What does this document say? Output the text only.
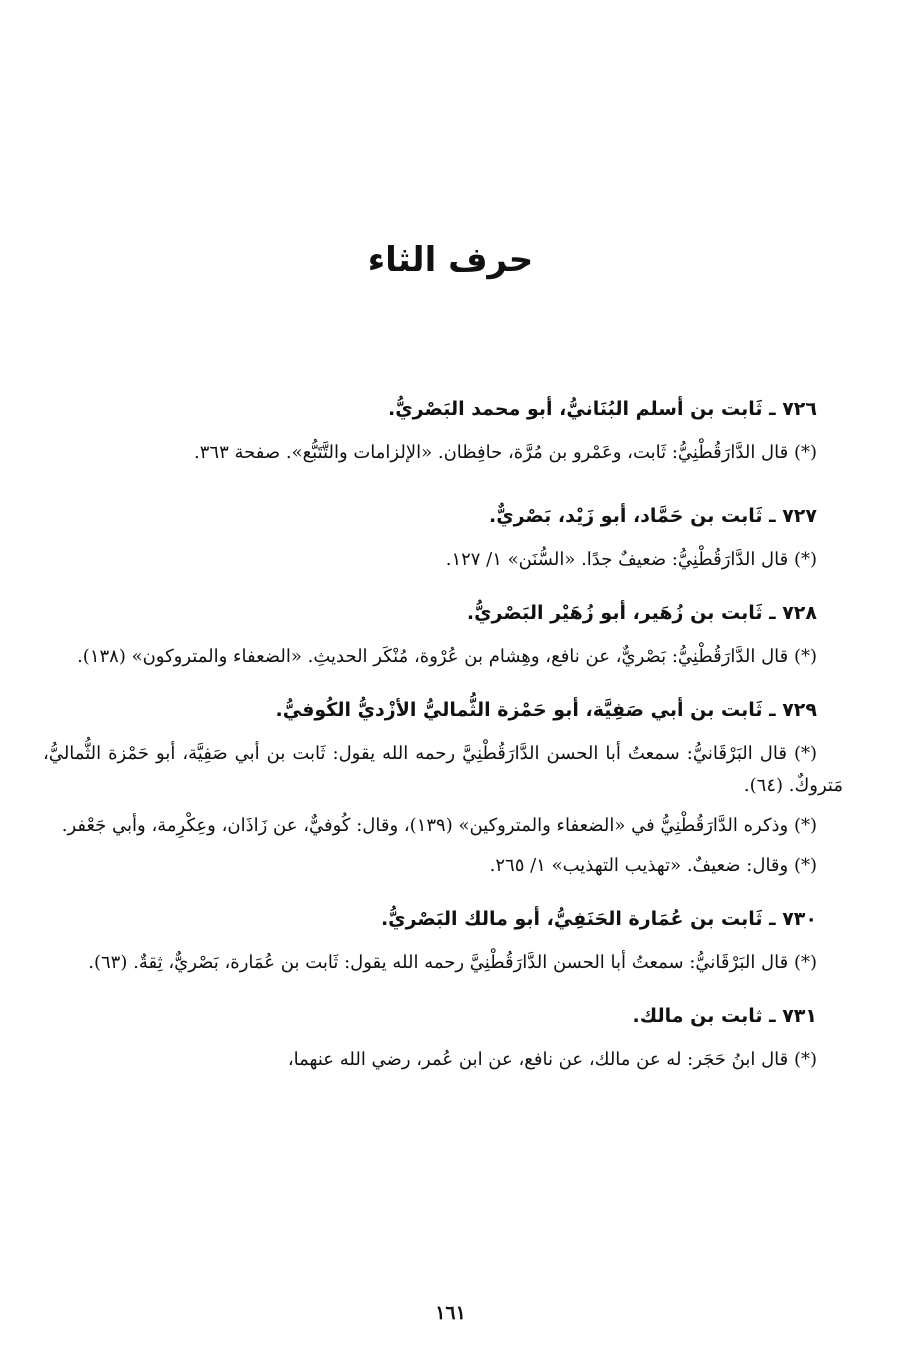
حرف الثاء

٧٢٦ ـ ثَابت بن أسلم البُنَانيُّ، أبو محمد البَصْريُّ.

(*) قال الدَّارَقُطْنِيُّ: ثَابت، وعَمْرو بن مُرَّة، حافِظان. «الإلزامات والتَّتَبُّع». صفحة ٣٦٣.

٧٢٧ ـ ثَابت بن حَمَّاد، أبو زَيْد، بَصْريٌّ.

(*) قال الدَّارَقُطْنِيُّ: ضعيفٌ جدًا. «السُّنَن» ١/ ١٢٧.

٧٢٨ ـ ثَابت بن زُهَير، أبو زُهَيْر البَصْريُّ.

(*) قال الدَّارَقُطْنِيُّ: بَصْريٌّ، عن نافع، وهِشام بن عُرْوة، مُنْكَر الحديثِ. «الضعفاء والمتروكون» (١٣٨).

٧٢٩ ـ ثَابت بن أبي صَفِيَّة، أبو حَمْزة الثُّماليُّ الأزْديُّ الكُوفيُّ.

(*) قال البَرْقَانيُّ: سمعتُ أبا الحسن الدَّارَقُطْنِيَّ رحمه الله يقول: ثَابت بن أبي صَفِيَّة، أبو حَمْزة الثُّماليُّ، مَتروكٌ. (٦٤).

(*) وذكره الدَّارَقُطْنِيُّ في «الضعفاء والمتروكين» (١٣٩)، وقال: كُوفيٌّ، عن زَاذَان، وعِكْرِمة، وأبي جَعْفر.

(*) وقال: ضعيفٌ. «تهذيب التهذيب» ١/ ٢٦٥.

٧٣٠ ـ ثَابت بن عُمَارة الحَنَفِيُّ، أبو مالك البَصْريُّ.

(*) قال البَرْقَانيُّ: سمعتُ أبا الحسن الدَّارَقُطْنِيَّ رحمه الله يقول: ثَابت بن عُمَارة، بَصْريٌّ، ثِقةٌ. (٦٣).

٧٣١ ـ ثابت بن مالك.

(*) قال ابنُ حَجَر: له عن مالك، عن نافع، عن ابن عُمر، رضي الله عنهما،

١٦١
